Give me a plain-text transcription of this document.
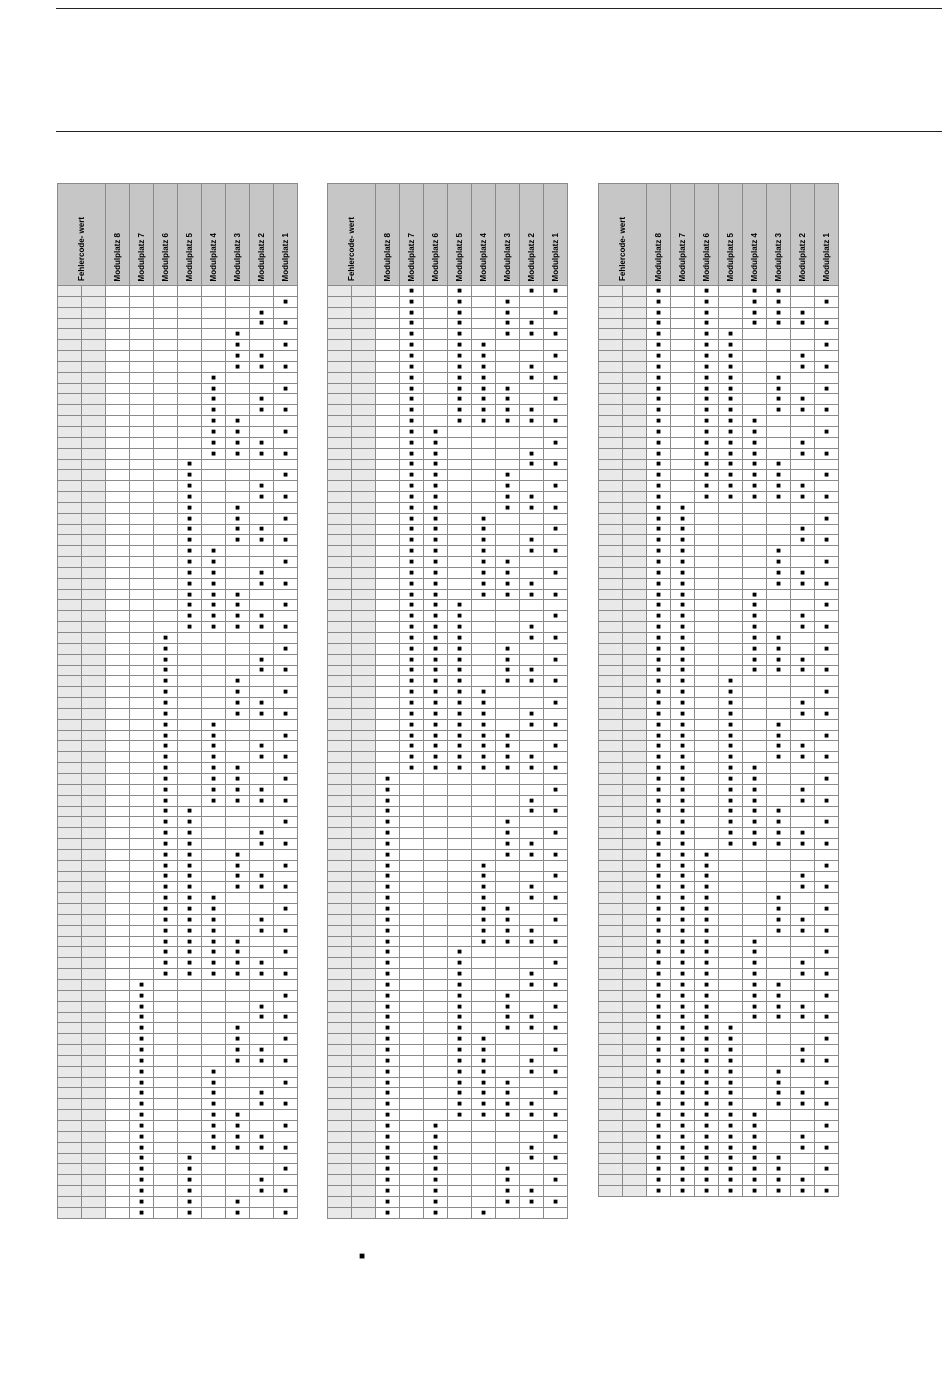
Fehlercode- wert		Modulplatz 8	Modulplatz 7	Modulplatz 6	Modulplatz 5	Modulplatz 4	Modulplatz 3	Modulplatz 2	Modulplatz 1

									■
								■	
								■	■
							■		
							■		■
							■	■	
							■	■	■
						■			
						■			■
						■		■	
						■		■	■
						■	■		
						■	■		■
						■	■	■	
						■	■	■	■
					■				
					■				■
					■			■	
					■			■	■
					■		■		
					■		■		■
					■		■	■	
					■		■	■	■
					■	■			
					■	■			■
					■	■		■	
					■	■		■	■
					■	■	■		
					■	■	■		■
					■	■	■	■	
					■	■	■	■	■
				■					
				■					■
				■				■	
				■				■	■
				■			■		
				■			■		■
				■			■	■	
				■			■	■	■
				■		■			
				■		■			■
				■		■		■	
				■		■		■	■
				■		■	■		
				■		■	■		■
				■		■	■	■	
				■		■	■	■	■
				■	■				
				■	■				■
				■	■			■	
				■	■			■	■
				■	■		■		
				■	■		■		■
				■	■		■	■	
				■	■		■	■	■
				■	■	■			
				■	■	■			■
				■	■	■		■	
				■	■	■		■	■
				■	■	■	■		
				■	■	■	■		■
				■	■	■	■	■	
				■	■	■	■	■	■
			■						
			■						■
			■					■	
			■					■	■
			■				■		
			■				■		■
			■				■	■	
			■				■	■	■
			■			■			
			■			■			■
			■			■		■	
			■			■		■	■
			■			■	■		
			■			■	■		■
			■			■	■	■	
			■			■	■	■	■
			■		■				
			■		■				■
			■		■			■	
			■		■			■	■
			■		■		■		
			■		■		■		■
Fehlercode- wert		Modulplatz 8	Modulplatz 7	Modulplatz 6	Modulplatz 5	Modulplatz 4	Modulplatz 3	Modulplatz 2	Modulplatz 1

			■		■			■	■
			■		■		■		
			■		■		■		■
			■		■		■	■	
			■		■		■	■	■
			■		■	■			
			■		■	■			■
			■		■	■		■	
			■		■	■		■	■
			■		■	■	■		
			■		■	■	■		■
			■		■	■	■	■	
			■		■	■	■	■	■
			■	■					
			■	■					■
			■	■				■	
			■	■				■	■
			■	■			■		
			■	■			■		■
			■	■			■	■	
			■	■			■	■	■
			■	■		■			
			■	■		■			■
			■	■		■		■	
			■	■		■		■	■
			■	■		■	■		
			■	■		■	■		■
			■	■		■	■	■	
			■	■		■	■	■	■
			■	■	■				
			■	■	■				■
			■	■	■			■	
			■	■	■			■	■
			■	■	■		■		
			■	■	■		■		■
			■	■	■		■	■	
			■	■	■		■	■	■
			■	■	■	■			
			■	■	■	■			■
			■	■	■	■		■	
			■	■	■	■		■	■
			■	■	■	■	■		
			■	■	■	■	■		■
			■	■	■	■	■	■	
			■	■	■	■	■	■	■
		■							
		■							■
		■						■	
		■						■	■
		■					■		
		■					■		■
		■					■	■	
		■					■	■	■
		■				■			
		■				■			■
		■				■		■	
		■				■		■	■
		■				■	■		
		■				■	■		■
		■				■	■	■	
		■				■	■	■	■
		■			■				
		■			■				■
		■			■			■	
		■			■			■	■
		■			■		■		
		■			■		■		■
		■			■		■	■	
		■			■		■	■	■
		■			■	■			
		■			■	■			■
		■			■	■		■	
		■			■	■		■	■
		■			■	■	■		
		■			■	■	■		■
		■			■	■	■	■	
		■			■	■	■	■	■
		■		■					
		■		■					■
		■		■				■	
		■		■				■	■
		■		■			■		
		■		■			■		■
		■		■			■	■	
		■		■			■	■	■
		■		■		■			
Fehlercode- wert		Modulplatz 8	Modulplatz 7	Modulplatz 6	Modulplatz 5	Modulplatz 4	Modulplatz 3	Modulplatz 2	Modulplatz 1

		■		■		■	■		
		■		■		■	■		■
		■		■		■	■	■	
		■		■		■	■	■	■
		■		■	■				
		■		■	■				■
		■		■	■			■	
		■		■	■			■	■
		■		■	■		■		
		■		■	■		■		■
		■		■	■		■	■	
		■		■	■		■	■	■
		■		■	■	■			
		■		■	■	■			■
		■		■	■	■		■	
		■		■	■	■		■	■
		■		■	■	■	■		
		■		■	■	■	■		■
		■		■	■	■	■	■	
		■		■	■	■	■	■	■
		■	■						
		■	■						■
		■	■					■	
		■	■					■	■
		■	■				■		
		■	■				■		■
		■	■				■	■	
		■	■				■	■	■
		■	■			■			
		■	■			■			■
		■	■			■		■	
		■	■			■		■	■
		■	■			■	■		
		■	■			■	■		■
		■	■			■	■	■	
		■	■			■	■	■	■
		■	■		■				
		■	■		■				■
		■	■		■			■	
		■	■		■			■	■
		■	■		■		■		
		■	■		■		■		■
		■	■		■		■	■	
		■	■		■		■	■	■
		■	■		■	■			
		■	■		■	■			■
		■	■		■	■		■	
		■	■		■	■		■	■
		■	■		■	■	■		
		■	■		■	■	■		■
		■	■		■	■	■	■	
		■	■		■	■	■	■	■
		■	■	■					
		■	■	■					■
		■	■	■				■	
		■	■	■				■	■
		■	■	■			■		
		■	■	■			■		■
		■	■	■			■	■	
		■	■	■			■	■	■
		■	■	■		■			
		■	■	■		■			■
		■	■	■		■		■	
		■	■	■		■		■	■
		■	■	■		■	■		
		■	■	■		■	■		■
		■	■	■		■	■	■	
		■	■	■		■	■	■	■
		■	■	■	■				
		■	■	■	■				■
		■	■	■	■			■	
		■	■	■	■			■	■
		■	■	■	■		■		
		■	■	■	■		■		■
		■	■	■	■		■	■	
		■	■	■	■		■	■	■
		■	■	■	■	■			
		■	■	■	■	■			■
		■	■	■	■	■		■	
		■	■	■	■	■		■	■
		■	■	■	■	■	■		
		■	■	■	■	■	■		■
		■	■	■	■	■	■	■	
		■	■	■	■	■	■	■	■
■
